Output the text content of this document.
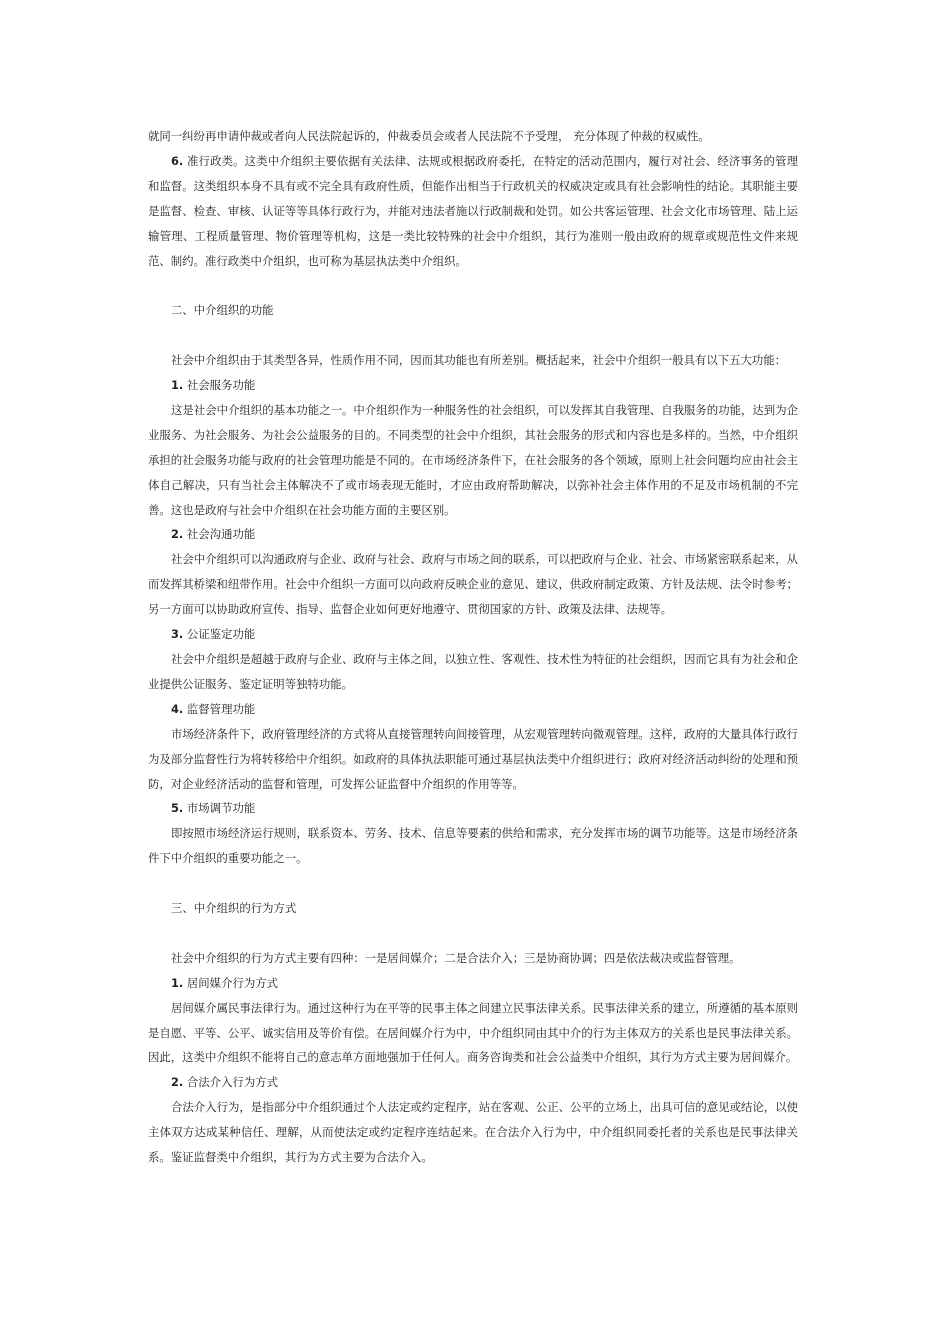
就同一纠纷再申请仲裁或者向人民法院起诉的，仲裁委员会或者人民法院不予受理， 充分体现了仲裁的权威性。

6. 准行政类。这类中介组织主要依据有关法律、法规或根据政府委托，在特定的活动范围内，履行对社会、经济事务的管理和监督。这类组织本身不具有或不完全具有政府性质，但能作出相当于行政机关的权威决定或具有社会影响性的结论。其职能主要是监督、检查、审核、认证等等具体行政行为，并能对违法者施以行政制裁和处罚。如公共客运管理、社会文化市场管理、陆上运输管理、工程质量管理、物价管理等机构，这是一类比较特殊的社会中介组织，其行为准则一般由政府的规章或规范性文件来规范、制约。准行政类中介组织，也可称为基层执法类中介组织。

二、中介组织的功能

社会中介组织由于其类型各异，性质作用不同，因而其功能也有所差别。概括起来，社会中介组织一般具有以下五大功能：

1. 社会服务功能

这是社会中介组织的基本功能之一。中介组织作为一种服务性的社会组织，可以发挥其自我管理、自我服务的功能，达到为企业服务、为社会服务、为社会公益服务的目的。不同类型的社会中介组织，其社会服务的形式和内容也是多样的。当然，中介组织承担的社会服务功能与政府的社会管理功能是不同的。在市场经济条件下，在社会服务的各个领域，原则上社会问题均应由社会主体自己解决，只有当社会主体解决不了或市场表现无能时，才应由政府帮助解决，以弥补社会主体作用的不足及市场机制的不完善。这也是政府与社会中介组织在社会功能方面的主要区别。

2. 社会沟通功能

社会中介组织可以沟通政府与企业、政府与社会、政府与市场之间的联系，可以把政府与企业、社会、市场紧密联系起来，从而发挥其桥梁和纽带作用。社会中介组织一方面可以向政府反映企业的意见、建议，供政府制定政策、方针及法规、法令时参考；另一方面可以协助政府宣传、指导、监督企业如何更好地遵守、贯彻国家的方针、政策及法律、法规等。

3. 公证鉴定功能

社会中介组织是超越于政府与企业、政府与主体之间，以独立性、客观性、技术性为特征的社会组织，因而它具有为社会和企业提供公证服务、鉴定证明等独特功能。

4. 监督管理功能

市场经济条件下，政府管理经济的方式将从直接管理转向间接管理，从宏观管理转向微观管理。这样，政府的大量具体行政行为及部分监督性行为将转移给中介组织。如政府的具体执法职能可通过基层执法类中介组织进行；政府对经济活动纠纷的处理和预防，对企业经济活动的监督和管理，可发挥公证监督中介组织的作用等等。

5. 市场调节功能

即按照市场经济运行规则，联系资本、劳务、技术、信息等要素的供给和需求，充分发挥市场的调节功能等。这是市场经济条件下中介组织的重要功能之一。

三、中介组织的行为方式

社会中介组织的行为方式主要有四种：一是居间媒介；二是合法介入；三是协商协调；四是依法裁决或监督管理。

1. 居间媒介行为方式

居间媒介属民事法律行为。通过这种行为在平等的民事主体之间建立民事法律关系。民事法律关系的建立，所遵循的基本原则是自愿、平等、公平、诚实信用及等价有偿。在居间媒介行为中，中介组织同由其中介的行为主体双方的关系也是民事法律关系。因此，这类中介组织不能将自己的意志单方面地强加于任何人。商务咨询类和社会公益类中介组织，其行为方式主要为居间媒介。

2. 合法介入行为方式

合法介入行为，是指部分中介组织通过个人法定或约定程序，站在客观、公正、公平的立场上，出具可信的意见或结论，以使主体双方达成某种信任、理解，从而使法定或约定程序连结起来。在合法介入行为中，中介组织同委托者的关系也是民事法律关系。鉴证监督类中介组织，其行为方式主要为合法介入。
